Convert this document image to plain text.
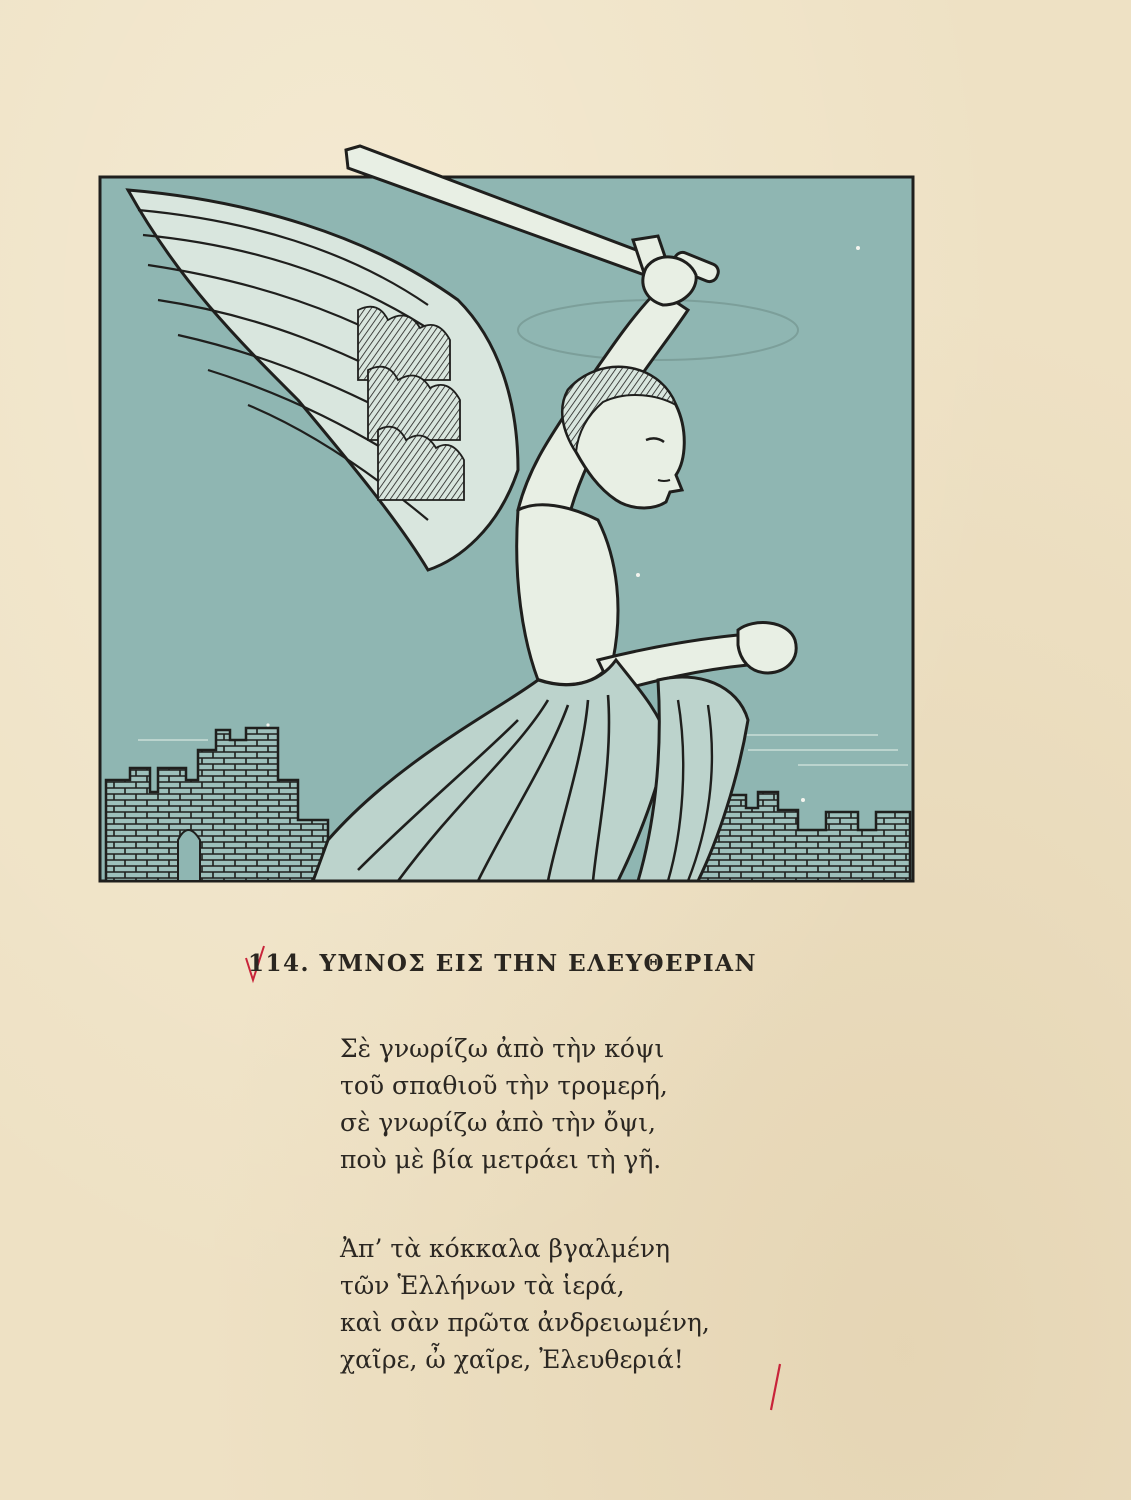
114. ΥΜΝΟΣ ΕΙΣ ΤΗΝ ΕΛΕΥΘΕΡΙΑΝ
Σὲ γνωρίζω ἀπὸ τὴν κόψι
τοῦ σπαθιοῦ τὴν τρομερή,
σὲ γνωρίζω ἀπὸ τὴν ὄψι,
ποὺ μὲ βία μετράει τὴ γῆ.
Ἀπ’ τὰ κόκκαλα βγαλμένη
τῶν Ἑλλήνων τὰ ἱερά,
καὶ σὰν πρῶτα ἀνδρειωμένη,
χαῖρε, ὦ χαῖρε, Ἐλευθεριά!
